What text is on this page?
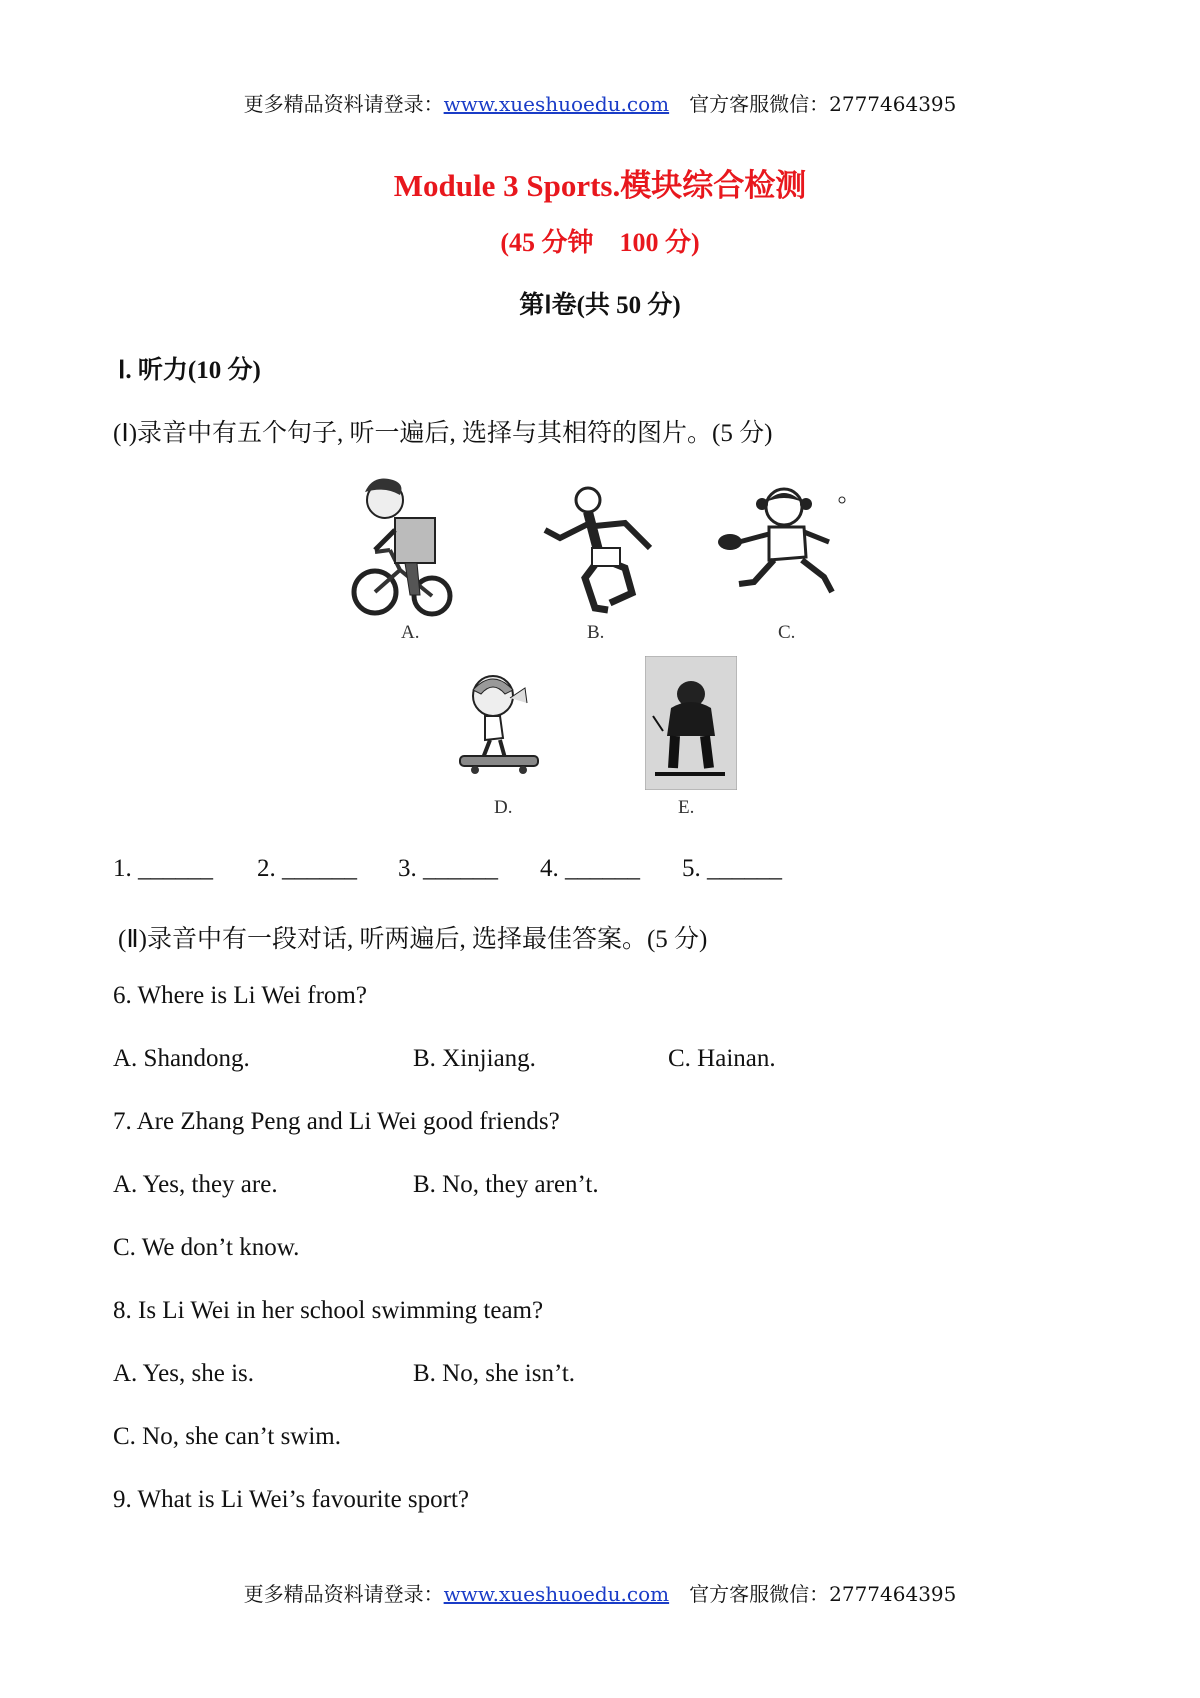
更多精品资料请登录：www.xueshuoedu.com 官方客服微信：2777464395
Module 3 Sports.模块综合检测
(45 分钟　100 分)
第Ⅰ卷(共 50 分)
Ⅰ. 听力(10 分)
(Ⅰ)录音中有五个句子, 听一遍后, 选择与其相符的图片。(5 分)
A.	B.	C.
D.	E.
1. ______ 2. ______ 3. ______ 4. ______ 5. ______
(Ⅱ)录音中有一段对话, 听两遍后, 选择最佳答案。(5 分)
6. Where is Li Wei from?
A. Shandong.	B. Xinjiang.	C. Hainan.
7. Are Zhang Peng and Li Wei good friends?
A. Yes, they are.	B. No, they aren’t.
C. We don’t know.
8. Is Li Wei in her school swimming team?
A. Yes, she is.	B. No, she isn’t.
C. No, she can’t swim.
9. What is Li Wei’s favourite sport?
更多精品资料请登录：www.xueshuoedu.com 官方客服微信：2777464395
